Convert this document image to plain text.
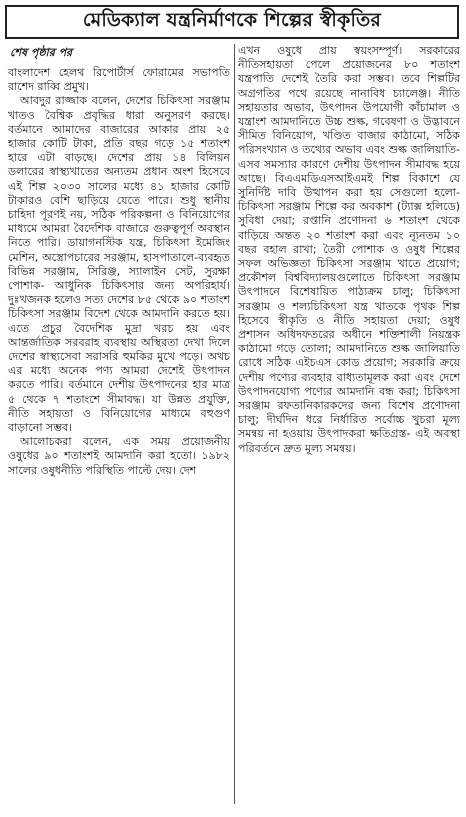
মেডিক্যাল যন্ত্রনির্মাণকে শিল্পের স্বীকৃতির
শেষ পৃষ্ঠার পর

বাংলাদেশ হেলথ রিপোর্টার্স ফোরামের সভাপতি রাশেদ রাব্বি প্রমুখ।

আবদুর রাজ্জাক বলেন, দেশের চিকিৎসা সরঞ্জাম খাতও বৈশ্বিক প্রবৃদ্ধির ধারা অনুসরণ করছে। বর্তমানে আমাদের বাজারের আকার প্রায় ২৫ হাজার কোটি টাকা, প্রতি বছর গড়ে ১৫ শতাংশ হারে এটা বাড়ছে। দেশের প্রায় ১৪ বিলিয়ন ডলারের স্বাস্থ্যখাতের অন্যতম প্রধান অংশ হিসেবে এই শিল্প ২০৩০ সালের মধ্যে ৪১ হাজার কোটি টাকারও বেশি ছাড়িয়ে যেতে পারে। শুধু স্থানীয় চাহিদা পূরণই নয়, সঠিক পরিকল্পনা ও বিনিয়োগের মাধ্যমে আমরা বৈদেশিক বাজারে গুরুত্বপূর্ণ অবস্থান নিতে পারি। ডায়াগনস্টিক যন্ত্র, চিকিৎসা ইমেজিং মেশিন, অস্ত্রোপচারের সরঞ্জাম, হাসপাতালে-ব্যবহৃত বিভিন্ন সরঞ্জাম, সিরিঞ্জ, স্যালাইন সেট, সুরক্ষা পোশাক- আধুনিক চিকিৎসার জন্য অপরিহার্য। দুঃখজনক হলেও সত্য দেশের ৮৫ থেকে ৯০ শতাংশ চিকিৎসা সরঞ্জাম বিদেশ থেকে আমদানি করতে হয়। এতে প্রচুর বৈদেশিক মুদ্রা খরচ হয় এবং আন্তর্জাতিক সরবরাহ ব্যবস্থায় অস্থিরতা দেখা দিলে দেশের স্বাস্থ্যসেবা সরাসরি হুমকির মুখে পড়ে। অথচ এর মধ্যে অনেক পণ্য আমরা দেশেই উৎপাদন করতে পারি। বর্তমানে দেশীয় উৎপাদনের হার মাত্র ৫ থেকে ৭ শতাংশে সীমাবদ্ধ। যা উন্নত প্রযুক্তি, নীতি সহায়তা ও বিনিয়োগের মাধ্যমে বহুগুণ বাড়ানো সম্ভব।

আলোচকরা বলেন, এক সময় প্রয়োজনীয় ওষুধের ৯০ শতাংশই আমদানি করা হতো। ১৯৮২ সালের ওষুধনীতি পরিস্থিতি পাল্টে দেয়। দেশ

এখন ওষুধে প্রায় স্বয়ংসম্পূর্ণ। সরকারের নীতিসহায়তা পেলে প্রয়োজনের ৮০ শতাংশ যন্ত্রপাতি দেশেই তৈরি করা সম্ভব। তবে শিল্পটির অগ্রগতির পথে রয়েছে নানাবিধ চ্যালেঞ্জ। নীতি সহায়তার অভাব, উৎপাদন উপযোগী কাঁচামাল ও যন্ত্রাংশ আমদানিতে উচ্চ শুল্ক, গবেষণা ও উদ্ভাবনে সীমিত বিনিয়োগ, খণ্ডিত বাজার কাঠামো, সঠিক পরিসংখ্যান ও তথ্যের অভাব এবং শুল্ক জালিয়াতি- এসব সমস্যার কারণে দেশীয় উৎপাদন সীমাবদ্ধ হয়ে আছে। বিএএমডিএসআইএমই শিল্প বিকাশে যে সুনির্দিষ্ট দাবি উত্থাপন করা হয় সেগুলো হলো-চিকিৎসা সরঞ্জাম শিল্পে কর অবকাশ (ট্যাক্স হলিডে) সুবিধা দেয়া; রপ্তানি প্রণোদনা ৬ শতাংশ থেকে বাড়িয়ে অন্তত ২০ শতাংশ করা এবং ন্যূনতম ১০ বছর বহাল রাখা; তৈরী পোশাক ও ওষুধ শিল্পের সফল অভিজ্ঞতা চিকিৎসা সরঞ্জাম খাতে প্রয়োগ; প্রকৌশল বিশ্ববিদ্যালয়গুলোতে চিকিৎসা সরঞ্জাম উৎপাদনে বিশেষায়িত পাঠ্যক্রম চালু; চিকিৎসা সরঞ্জাম ও শল্যচিকিৎসা যন্ত্র খাতকে পৃথক শিল্প হিসেবে স্বীকৃতি ও নীতি সহায়তা দেয়া; ওষুধ প্রশাসন অধিদফতরের অধীনে শক্তিশালী নিয়ন্ত্রক কাঠামো গড়ে তোলা; আমদানিতে শুল্ক জালিয়াতি রোধে সঠিক এইচএস কোড প্রয়োগ; সরকারি ক্রয়ে দেশীয় পণ্যের ব্যবহার বাধ্যতামূলক করা এবং দেশে উৎপাদনযোগ্য পণ্যের আমদানি বন্ধ করা; চিকিৎসা সরঞ্জাম রফতানিকারকদের জন্য বিশেষ প্রণোদনা চালু; দীর্ঘদিন ধরে নির্ধারিত সর্বোচ্চ খুচরা মূল্য সমন্বয় না হওয়ায় উৎপাদকরা ক্ষতিগ্রস্ত- এই অবস্থা পরিবর্তনে দ্রুত মূল্য সমন্বয়।
